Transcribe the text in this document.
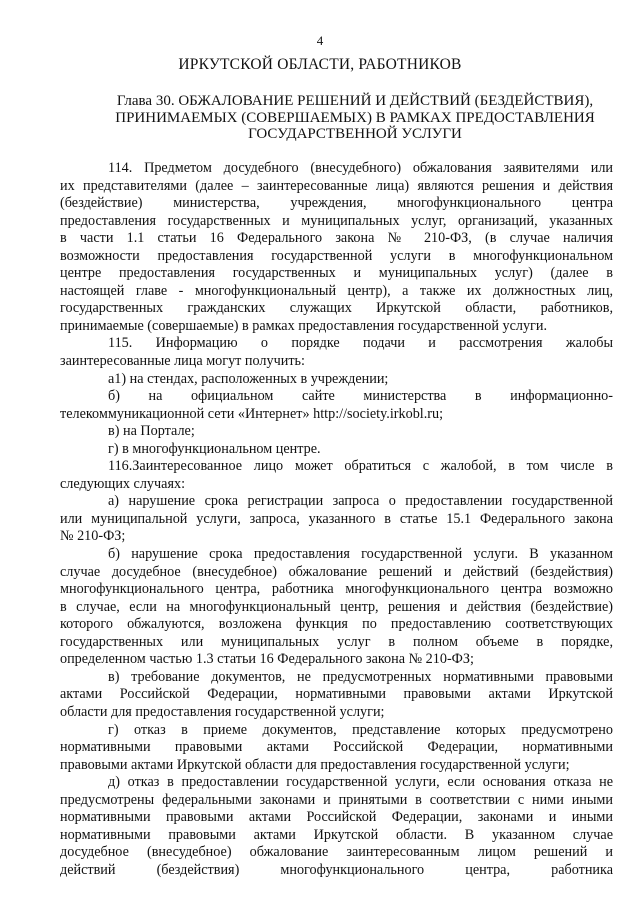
4
ИРКУТСКОЙ ОБЛАСТИ, РАБОТНИКОВ
Глава 30. ОБЖАЛОВАНИЕ РЕШЕНИЙ И ДЕЙСТВИЙ (БЕЗДЕЙСТВИЯ), ПРИНИМАЕМЫХ (СОВЕРШАЕМЫХ) В РАМКАХ ПРЕДОСТАВЛЕНИЯ ГОСУДАРСТВЕННОЙ УСЛУГИ

114. Предметом досудебного (внесудебного) обжалования заявителями или

их представителями (далее – заинтересованные лица) являются решения и действия

(бездействие) министерства, учреждения, многофункционального центра

предоставления государственных и муниципальных услуг, организаций, указанных

в части 1.1 статьи 16 Федерального закона № 210-ФЗ, (в случае наличия

возможности предоставления государственной услуги в многофункциональном

центре предоставления государственных и муниципальных услуг) (далее в

настоящей главе - многофункциональный центр), а также их должностных лиц,

государственных гражданских служащих Иркутской области, работников,

принимаемые (совершаемые) в рамках предоставления государственной услуги.

115. Информацию о порядке подачи и рассмотрения жалобы

заинтересованные лица могут получить:

а1) на стендах, расположенных в учреждении;

б) на официальном сайте министерства в информационно-

телекоммуникационной сети «Интернет» http://society.irkobl.ru;

в) на Портале;

г) в многофункциональном центре.

116.Заинтересованное лицо может обратиться с жалобой, в том числе в

следующих случаях:

а) нарушение срока регистрации запроса о предоставлении государственной

или муниципальной услуги, запроса, указанного в статье 15.1 Федерального закона

№ 210-ФЗ;

б) нарушение срока предоставления государственной услуги. В указанном

случае досудебное (внесудебное) обжалование решений и действий (бездействия)

многофункционального центра, работника многофункционального центра возможно

в случае, если на многофункциональный центр, решения и действия (бездействие)

которого обжалуются, возложена функция по предоставлению соответствующих

государственных или муниципальных услуг в полном объеме в порядке,

определенном частью 1.3 статьи 16 Федерального закона № 210-ФЗ;

в) требование документов, не предусмотренных нормативными правовыми

актами Российской Федерации, нормативными правовыми актами Иркутской

области для предоставления государственной услуги;

г) отказ в приеме документов, представление которых предусмотрено

нормативными правовыми актами Российской Федерации, нормативными

правовыми актами Иркутской области для предоставления государственной услуги;

д) отказ в предоставлении государственной услуги, если основания отказа не

предусмотрены федеральными законами и принятыми в соответствии с ними иными

нормативными правовыми актами Российской Федерации, законами и иными

нормативными правовыми актами Иркутской области. В указанном случае

досудебное (внесудебное) обжалование заинтересованным лицом решений и

действий (бездействия) многофункционального центра, работника
